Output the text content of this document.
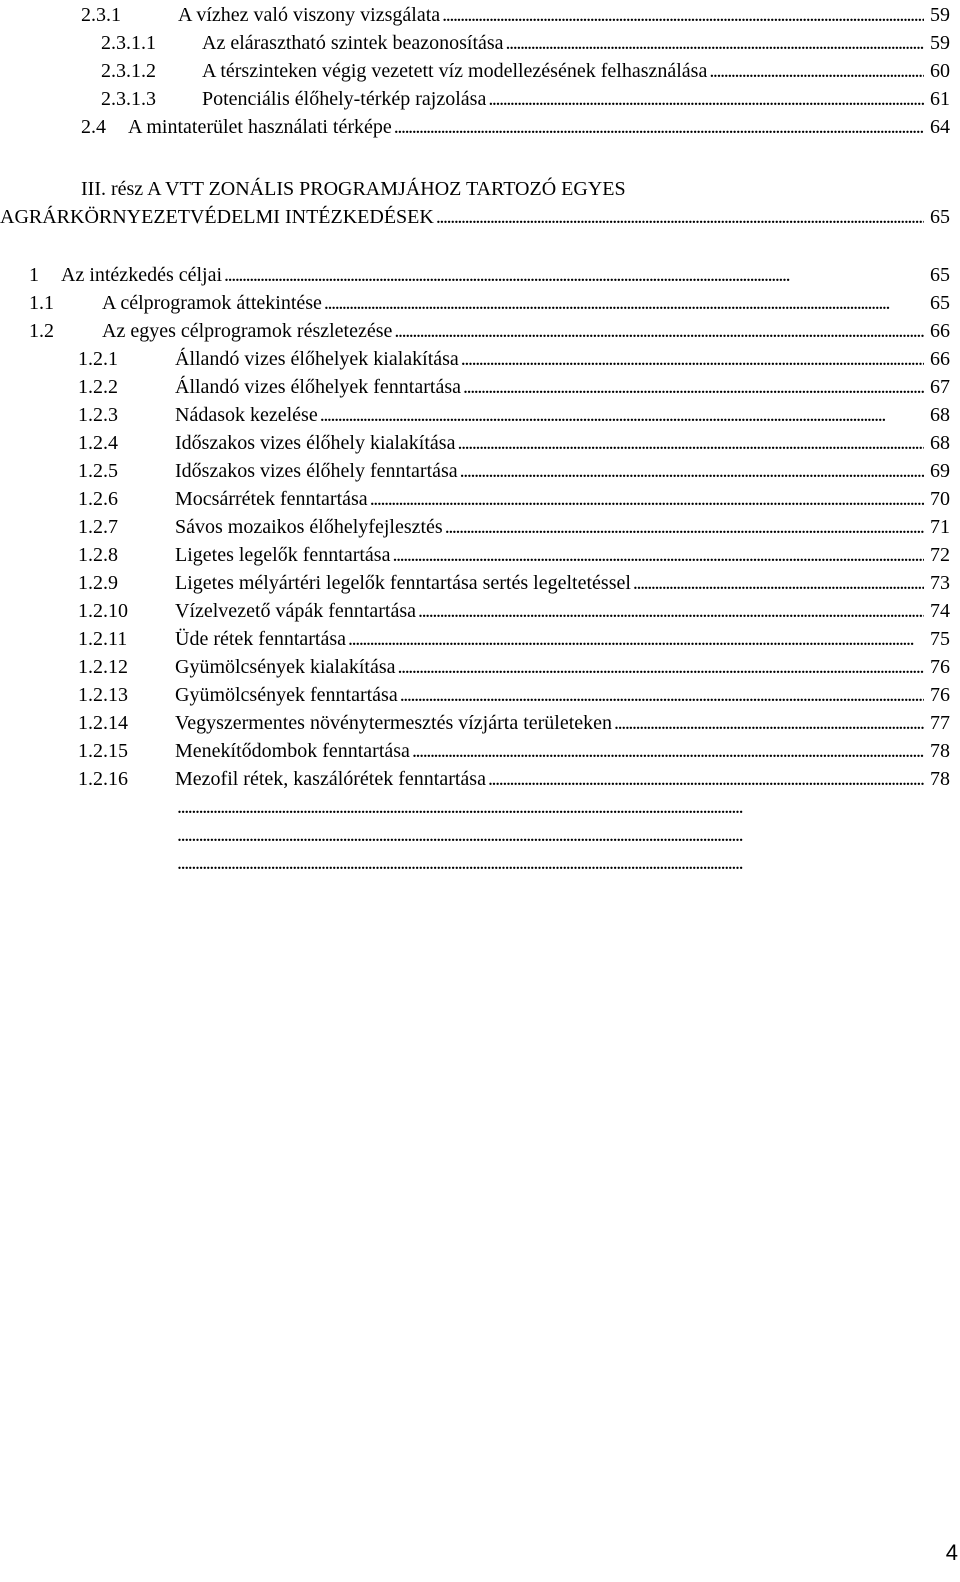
2.3.1	A vízhez való viszony vizsgálata . . .	59
2.3.1.1	Az elárasztható szintek beazonosítása . . .	59
2.3.1.2	A térszinteken végig vezetett víz modellezésének felhasználása . . .	60
2.3.1.3	Potenciális élőhely-térkép rajzolása . . .	61
2.4	A mintaterület használati térképe . . .	64
III. rész A VTT ZONÁLIS PROGRAMJÁHOZ TARTOZÓ EGYES
AGRÁRKÖRNYEZETVÉDELMI INTÉZKEDÉSEK . . .	65
1	Az intézkedés céljai . . .	65
1.1	A célprogramok áttekintése . . .	65
1.2	Az egyes célprogramok részletezése . . .	66
1.2.1	Állandó vizes élőhelyek kialakítása . . .	66
1.2.2	Állandó vizes élőhelyek fenntartása . . .	67
1.2.3	Nádasok kezelése . . .	68
1.2.4	Időszakos vizes élőhely kialakítása . . .	68
1.2.5	Időszakos vizes élőhely fenntartása . . .	69
1.2.6	Mocsárrétek fenntartása . . .	70
1.2.7	Sávos mozaikos élőhelyfejlesztés . . .	71
1.2.8	Ligetes legelők fenntartása . . .	72
1.2.9	Ligetes mélyártéri legelők fenntartása sertés legeltetéssel . . .	73
1.2.10	Vízelvezető vápák fenntartása . . .	74
1.2.11	Üde rétek fenntartása . . .	75
1.2.12	Gyümölcsények kialakítása . . .	76
1.2.13	Gyümölcsények fenntartása . . .	76
1.2.14	Vegyszermentes növénytermesztés vízjárta területeken . . .	77
1.2.15	Menekítődombok fenntartása . . .	78
1.2.16	Mezofil rétek, kaszálórétek fenntartása . . .	78
. . .
. . .
. . .
4
